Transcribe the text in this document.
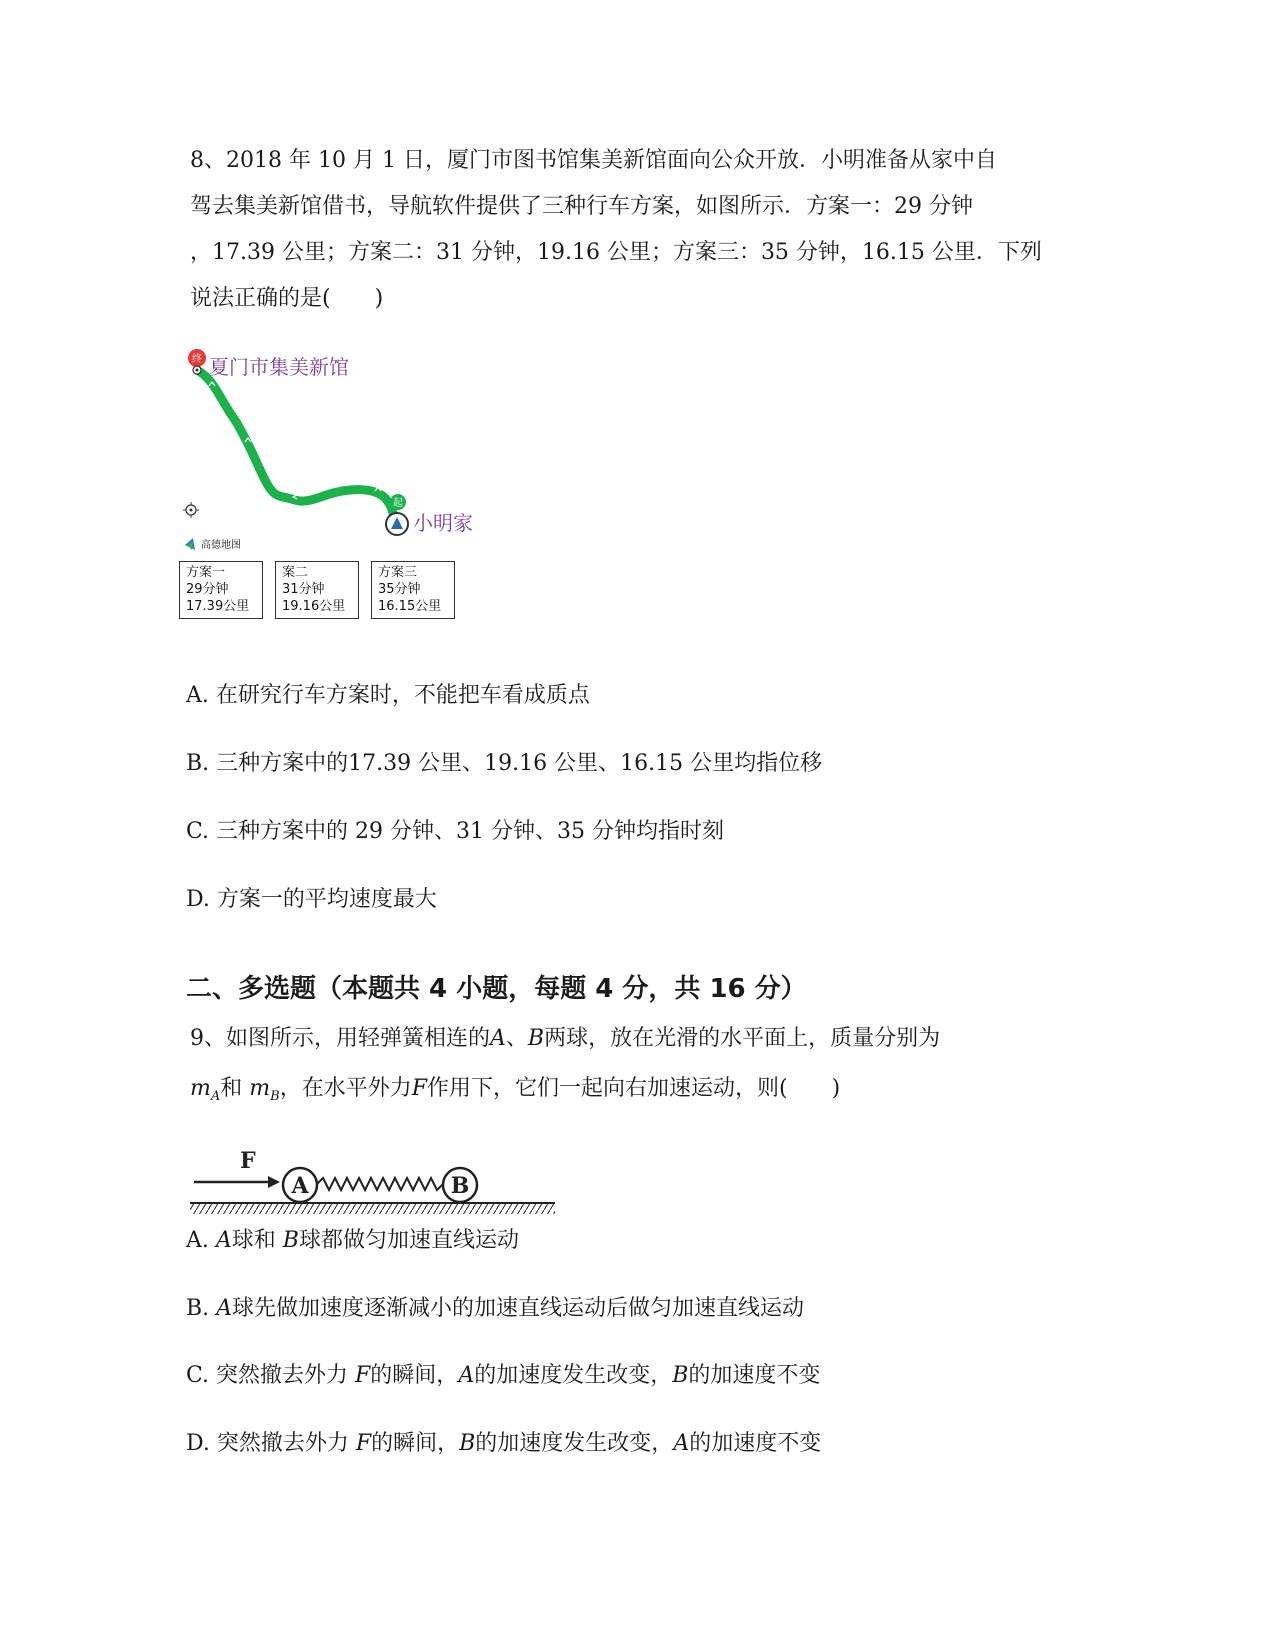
8、2018 年 10 月 1 日，厦门市图书馆集美新馆面向公众开放．小明准备从家中自
驾去集美新馆借书，导航软件提供了三种行车方案，如图所示．方案一：29 分钟
，17.39 公里；方案二：31 分钟，19.16 公里；方案三：35 分钟，16.15 公里．下列
说法正确的是(　　)
终 夏门市集美新馆
起
小明家
高德地图
方案一
29分钟
17.39公里
案二
31分钟
19.16公里
方案三
35分钟
16.15公里
A. 在研究行车方案时，不能把车看成质点
B. 三种方案中的17.39 公里、19.16 公里、16.15 公里均指位移
C. 三种方案中的 29 分钟、31 分钟、35 分钟均指时刻
D. 方案一的平均速度最大
二、多选题（本题共 4 小题，每题 4 分，共 16 分）
9、如图所示，用轻弹簧相连的A、B两球，放在光滑的水平面上，质量分别为
$m_A$和 $m_B$，在水平外力F作用下，它们一起向右加速运动，则(　　)
F
A	B
A. A球和 B球都做匀加速直线运动
B. A球先做加速度逐渐减小的加速直线运动后做匀加速直线运动
C. 突然撤去外力 F的瞬间，A的加速度发生改变，B的加速度不变
D. 突然撤去外力 F的瞬间，B的加速度发生改变，A的加速度不变
